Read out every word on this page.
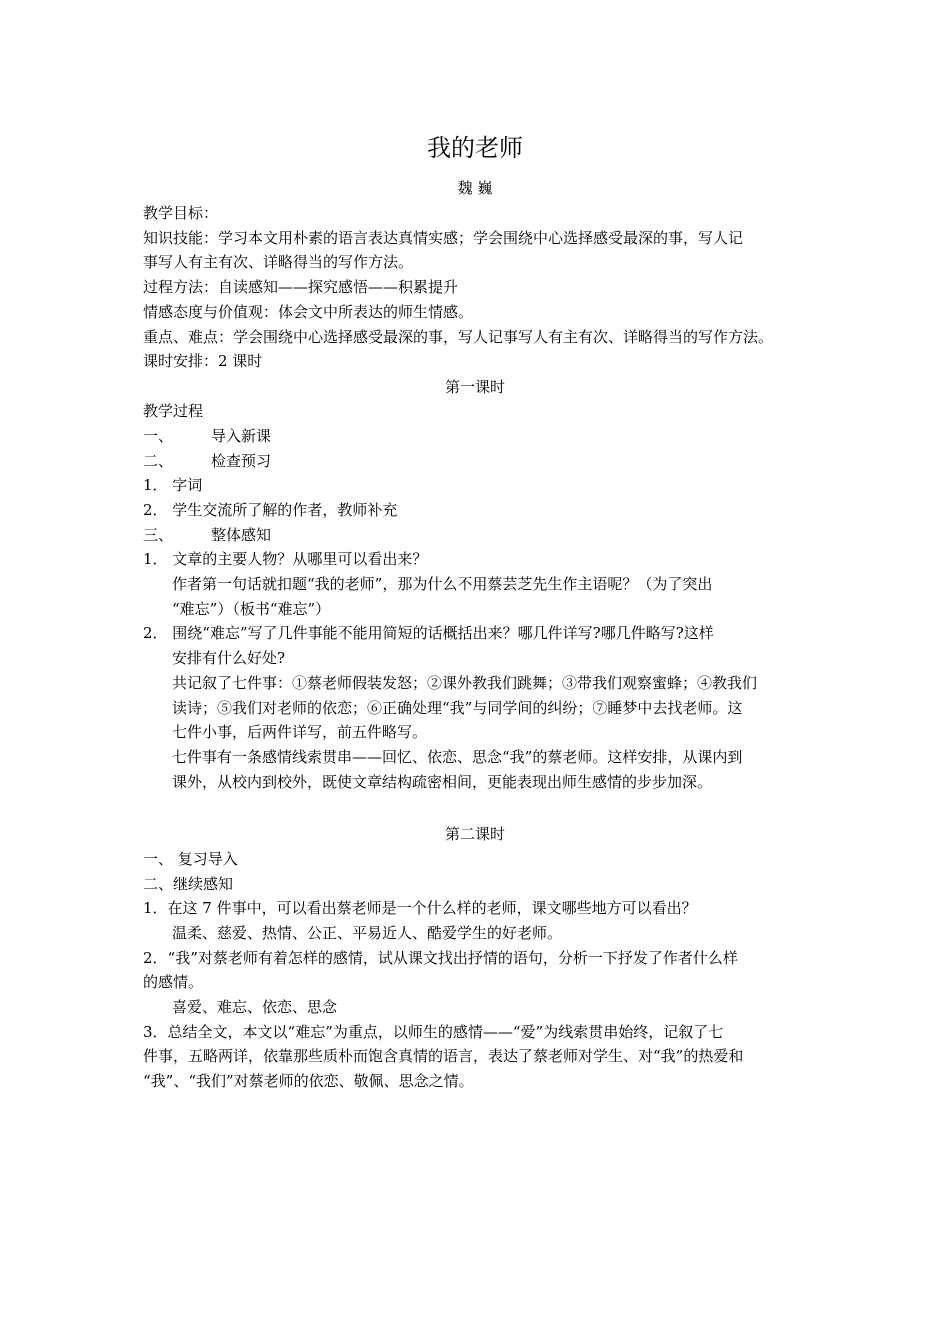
我的老师
魏 巍
教学目标：
知识技能：学习本文用朴素的语言表达真情实感；学会围绕中心选择感受最深的事，写人记
事写人有主有次、详略得当的写作方法。
过程方法：自读感知——探究感悟——积累提升
情感态度与价值观：体会文中所表达的师生情感。
重点、难点：学会围绕中心选择感受最深的事，写人记事写人有主有次、详略得当的写作方法。
课时安排：2 课时
第一课时
教学过程
一、	导入新课
二、	检查预习
1． 字词
2． 学生交流所了解的作者，教师补充
三、	整体感知
1． 文章的主要人物？从哪里可以看出来？
作者第一句话就扣题“我的老师”，那为什么不用蔡芸芝先生作主语呢？（为了突出
“难忘”）（板书“难忘”）
2． 围绕“难忘”写了几件事能不能用简短的话概括出来？哪几件详写?哪几件略写?这样
安排有什么好处?
共记叙了七件事：①蔡老师假装发怒；②课外教我们跳舞；③带我们观察蜜蜂；④教我们
读诗；⑤我们对老师的依恋；⑥正确处理“我”与同学间的纠纷；⑦睡梦中去找老师。这
七件小事，后两件详写，前五件略写。
七件事有一条感情线索贯串——回忆、依恋、思念“我”的蔡老师。这样安排，从课内到
课外，从校内到校外，既使文章结构疏密相间，更能表现出师生感情的步步加深。
第二课时
一、 复习导入
二、继续感知
1．在这 7 件事中，可以看出蔡老师是一个什么样的老师，课文哪些地方可以看出？
温柔、慈爱、热情、公正、平易近人、酷爱学生的好老师。
2．“我”对蔡老师有着怎样的感情，试从课文找出抒情的语句，分析一下抒发了作者什么样
的感情。
喜爱、难忘、依恋、思念
3．总结全文，本文以“难忘”为重点，以师生的感情——“爱”为线索贯串始终，记叙了七
件事，五略两详，依靠那些质朴而饱含真情的语言，表达了蔡老师对学生、对“我”的热爱和
“我”、“我们”对蔡老师的依恋、敬佩、思念之情。
